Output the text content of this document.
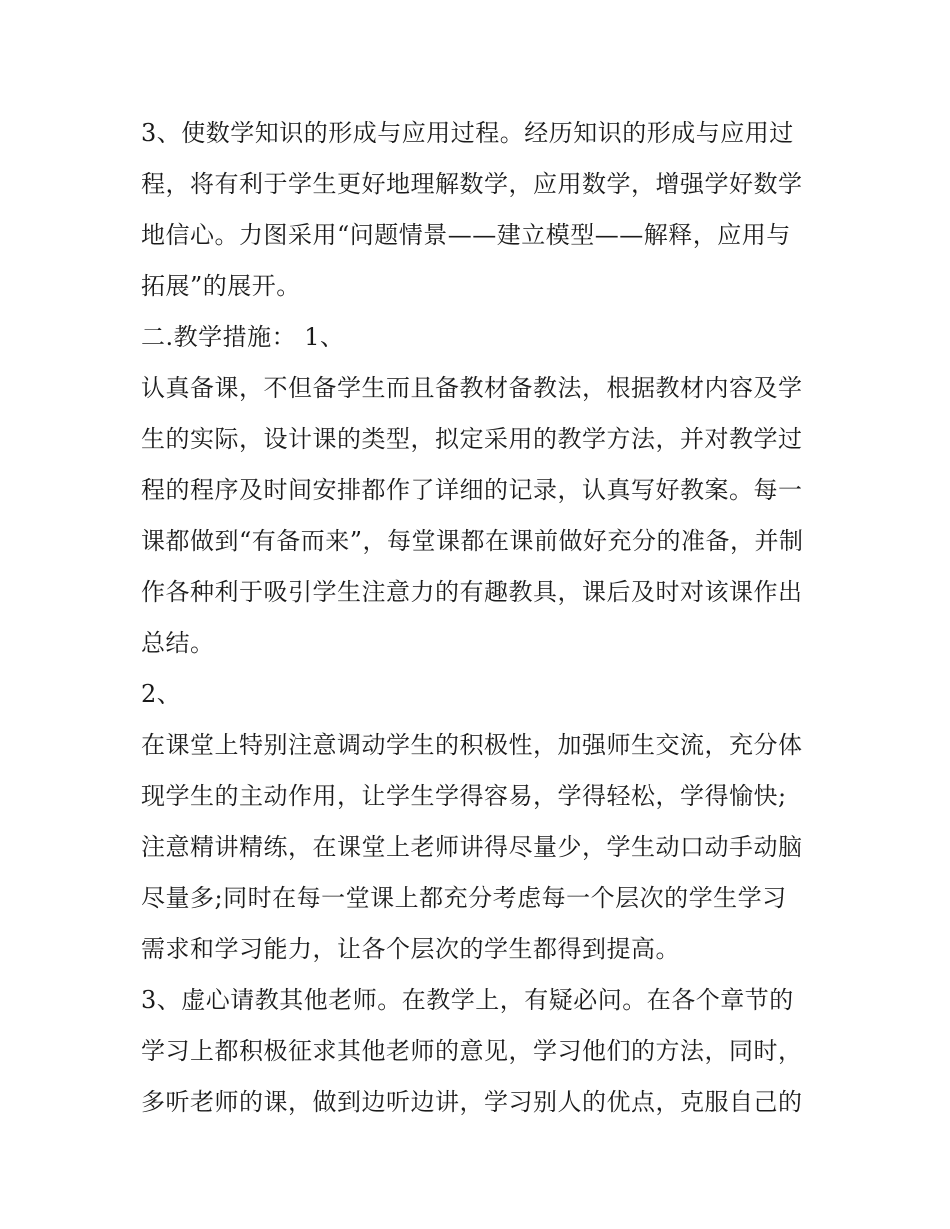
3、使数学知识的形成与应用过程。经历知识的形成与应用过
程，将有利于学生更好地理解数学，应用数学，增强学好数学
地信心。力图采用“问题情景——建立模型——解释，应用与
拓展”的展开。
二.教学措施： 1、
认真备课，不但备学生而且备教材备教法，根据教材内容及学
生的实际，设计课的类型，拟定采用的教学方法，并对教学过
程的程序及时间安排都作了详细的记录，认真写好教案。每一
课都做到“有备而来”，每堂课都在课前做好充分的准备，并制
作各种利于吸引学生注意力的有趣教具，课后及时对该课作出
总结。
2、
在课堂上特别注意调动学生的积极性，加强师生交流，充分体
现学生的主动作用，让学生学得容易，学得轻松，学得愉快;
注意精讲精练，在课堂上老师讲得尽量少，学生动口动手动脑
尽量多;同时在每一堂课上都充分考虑每一个层次的学生学习
需求和学习能力，让各个层次的学生都得到提高。
3、虚心请教其他老师。在教学上，有疑必问。在各个章节的
学习上都积极征求其他老师的意见，学习他们的方法，同时，
多听老师的课，做到边听边讲，学习别人的优点，克服自己的
